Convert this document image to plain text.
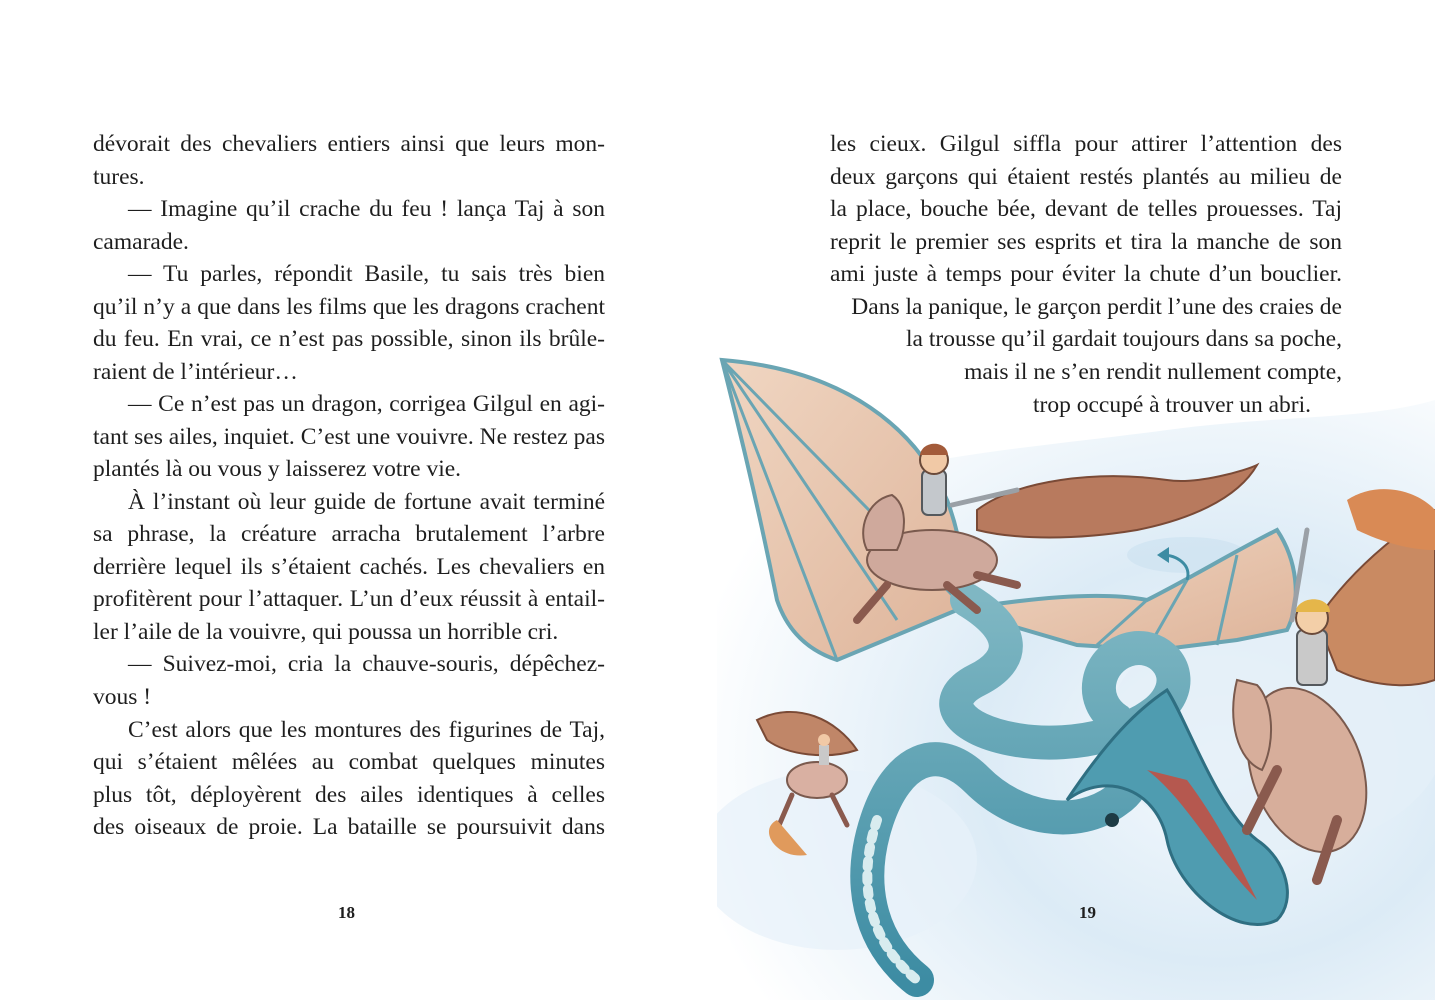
dévorait des chevaliers entiers ainsi que leurs mon-
tures.
— Imagine qu’il crache du feu ! lança Taj à son
camarade.
— Tu parles, répondit Basile, tu sais très bien
qu’il n’y a que dans les films que les dragons crachent
du feu. En vrai, ce n’est pas possible, sinon ils brûle-
raient de l’intérieur…
— Ce n’est pas un dragon, corrigea Gilgul en agi-
tant ses ailes, inquiet. C’est une vouivre. Ne restez pas
plantés là ou vous y laisserez votre vie.
À l’instant où leur guide de fortune avait terminé
sa phrase, la créature arracha brutalement l’arbre
derrière lequel ils s’étaient cachés. Les chevaliers en
profitèrent pour l’attaquer. L’un d’eux réussit à entail-
ler l’aile de la vouivre, qui poussa un horrible cri.
— Suivez-moi, cria la chauve-souris, dépêchez-
vous !
C’est alors que les montures des figurines de Taj,
qui s’étaient mêlées au combat quelques minutes
plus tôt, déployèrent des ailes identiques à celles
des oiseaux de proie. La bataille se poursuivit dans
18
les cieux. Gilgul siffla pour attirer l’attention des
deux garçons qui étaient restés plantés au milieu de
la place, bouche bée, devant de telles prouesses. Taj
reprit le premier ses esprits et tira la manche de son
ami juste à temps pour éviter la chute d’un bouclier.
Dans la panique, le garçon perdit l’une des craies de
la trousse qu’il gardait toujours dans sa poche,
mais il ne s’en rendit nullement compte,
trop occupé à trouver un abri.
19
